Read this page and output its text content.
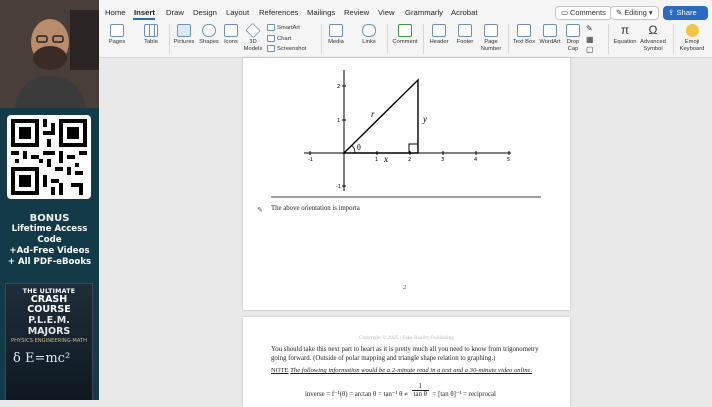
BONUS
Lifetime Access Code
+Ad-Free Videos
+ All PDF-eBooks
THE ULTIMATE
CRASH COURSE
P.L.E.M. MAJORS
PHYSICS·ENGINEERING·MATH
δ E=mc²
Home Insert Draw Design Layout References Mailings Review View Grammarly Acrobat	▭ Comments	✎ Editing ▾	⇪ Share
Pages	Table	Pictures Shapes Icons	3D Models
SmartArt
Chart
Screenshot
Media	Links	Comment Header	Footer	Page Number
Text Box WordArt	Drop Cap
✎
▦
▢
π
Equation
Ω
Advanced Symbol
Emoji Keyboard
-1	1	2	3	4	5
-1
1
2
r	y
x
θ
✎ The above orientation is importa
2
Copyright © 2025 | Fake Reality Publishing
You should take this next part to heart as it is pretty much all you need to know from trigonometry going forward. (Outside of polar mapping and triangle shape relation to graphing.)
NOTE The following information would be a 2-minute read in a text and a 30-minute video online.
inverse = f⁻¹(θ) = arctan θ = tan⁻¹ $\theta \ne \frac{1}{\text{tan θ}} = [\tan$ θ]⁻¹ = reciprocal
